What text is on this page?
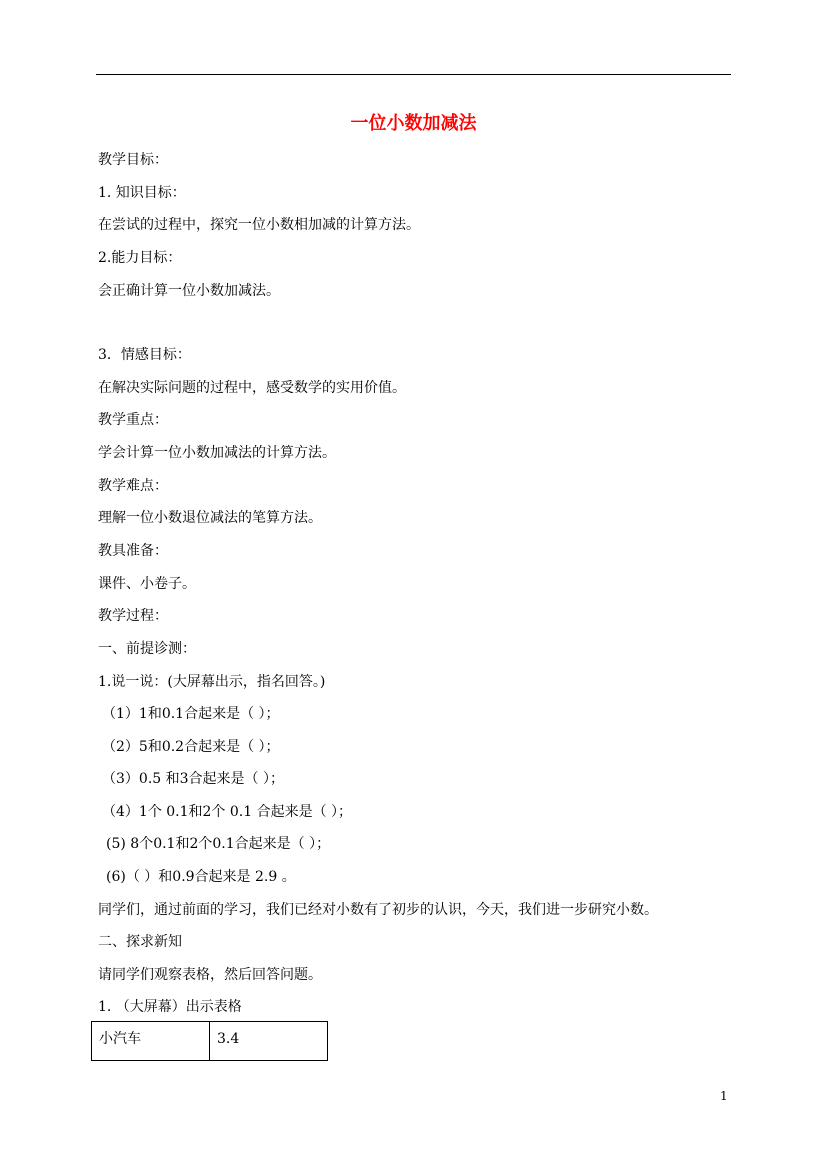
一位小数加减法
教学目标：
1. 知识目标：
在尝试的过程中，探究一位小数相加减的计算方法。
2.能力目标：
会正确计算一位小数加减法。
3．情感目标：
在解决实际问题的过程中，感受数学的实用价值。
教学重点：
学会计算一位小数加减法的计算方法。
教学难点：
理解一位小数退位减法的笔算方法。
教具准备：
课件、小卷子。
教学过程：
一、前提诊测：
1.说一说：(大屏幕出示，指名回答。)
（1）1和0.1合起来是（ ）；
（2）5和0.2合起来是（ ）；
（3）0.5 和3合起来是（ ）；
（4）1个 0.1和2个 0.1 合起来是（ ）；
(5) 8个0.1和2个0.1合起来是（ ）；
(6)（ ）和0.9合起来是 2.9 。
同学们，通过前面的学习，我们已经对小数有了初步的认识，今天，我们进一步研究小数。
二、探求新知
请同学们观察表格，然后回答问题。
1. （大屏幕）出示表格
小汽车	3.4
1
